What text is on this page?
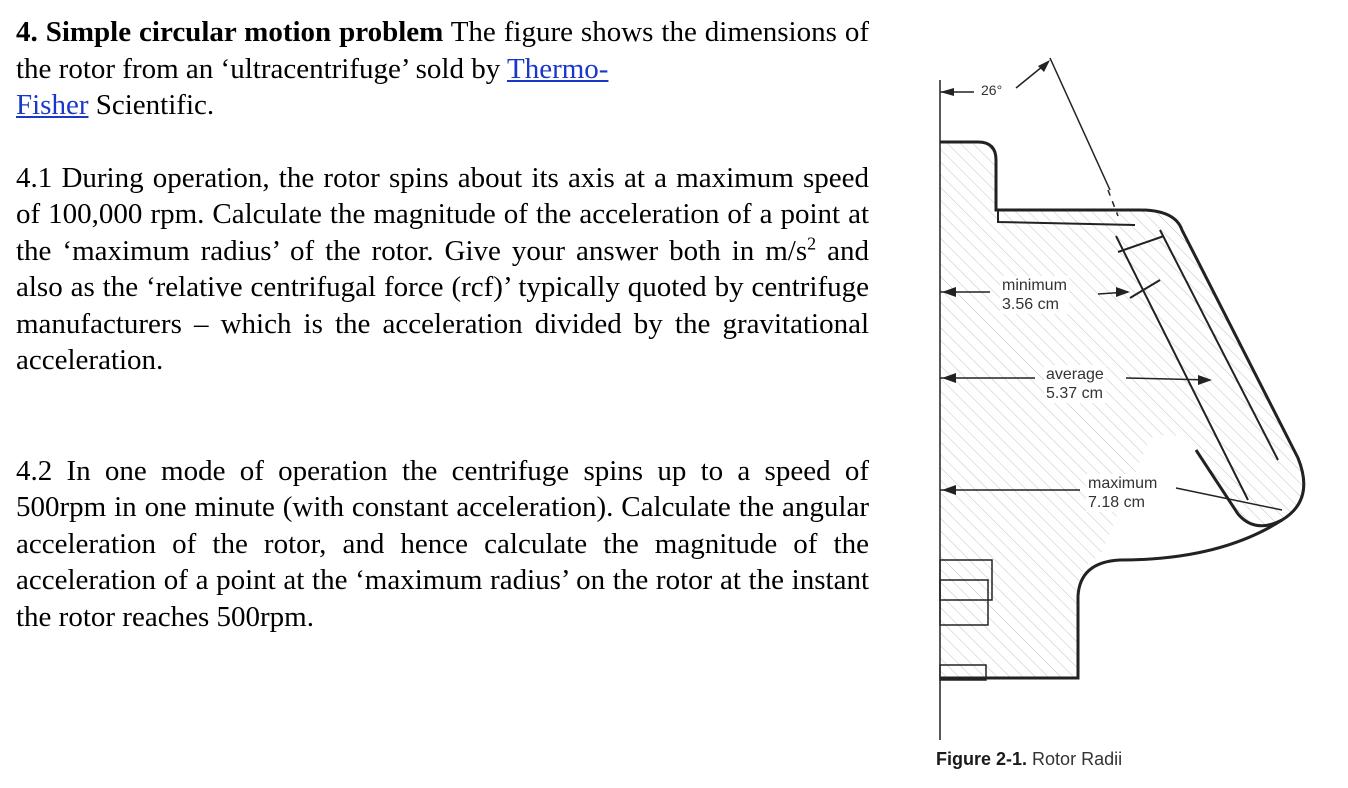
4. Simple circular motion problem The figure shows the dimensions of the rotor from an ‘ultracentrifuge’ sold by Thermo-
Fisher Scientific.

4.1 During operation, the rotor spins about its axis at a maximum speed of 100,000 rpm. Calculate the magnitude of the acceleration of a point at the ‘maximum radius’ of the rotor. Give your answer both in $m/s^2$ and also as the ‘relative centrifugal force (rcf)’ typically quoted by centrifuge manufacturers – which is the acceleration divided by the gravitational acceleration.

4.2 In one mode of operation the centrifuge spins up to a speed of 500rpm in one minute (with constant acceleration). Calculate the angular acceleration of the rotor, and hence calculate the magnitude of the acceleration of a point at the ‘maximum radius’ on the rotor at the instant the rotor reaches 500rpm.

26°
minimum
3.56 cm
average
5.37 cm
maximum
7.18 cm
Figure 2-1. Rotor Radii
